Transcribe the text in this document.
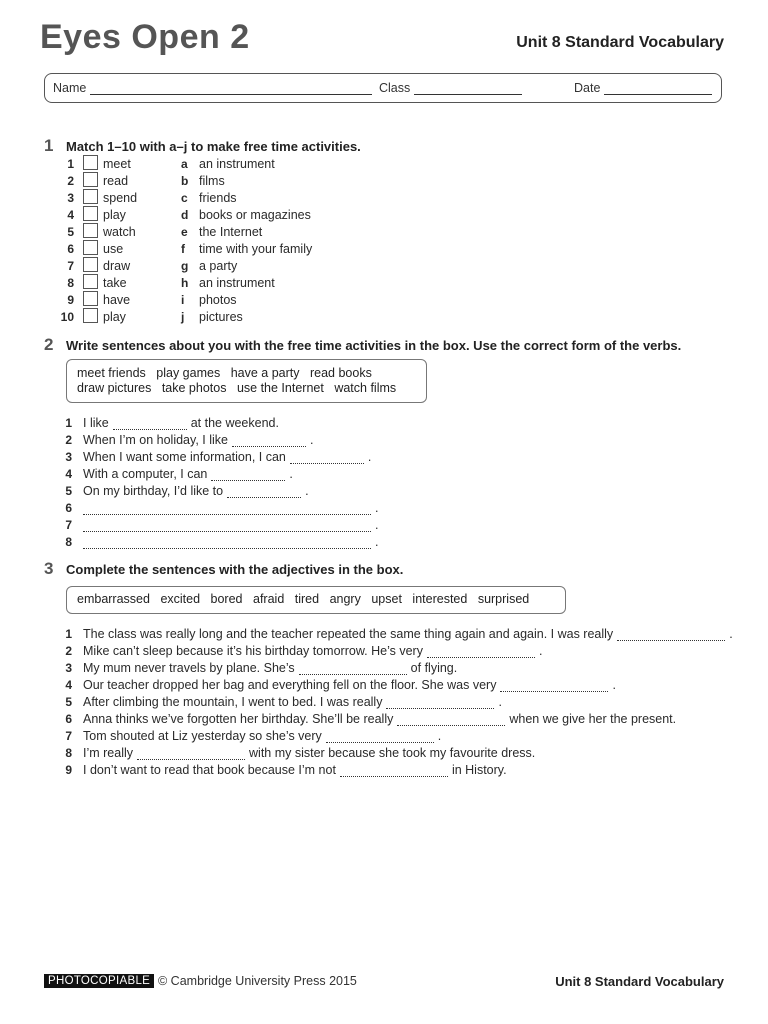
Eyes Open 2	Unit 8 Standard Vocabulary
Name	Class	Date
1 Match 1–10 with a–j to make free time activities.
1 meet	a an instrument
2 read	b films
3 spend	c friends
4 play	d books or magazines
5 watch	e the Internet
6 use	f time with your family
7 draw	g a party
8 take	h an instrument
9 have	i photos
10 play	j pictures
2 Write sentences about you with the free time activities in the box. Use the correct form of the verbs.
meet friends play games have a party read books
draw pictures take photos use the Internet watch films
1 I like	at the weekend.
2 When I’m on holiday, I like	.
3 When I want some information, I can	.
4 With a computer, I can	.
5 On my birthday, I’d like to	.
6	.
7	.
8	.
3 Complete the sentences with the adjectives in the box.
embarrassed excited bored afraid tired angry upset interested surprised
1 The class was really long and the teacher repeated the same thing again and again. I was really	.
2 Mike can’t sleep because it’s his birthday tomorrow. He’s very	.
3 My mum never travels by plane. She’s	of flying.
4 Our teacher dropped her bag and everything fell on the floor. She was very	.
5 After climbing the mountain, I went to bed. I was really	.
6 Anna thinks we’ve forgotten her birthday. She’ll be really	when we give her the present.
7 Tom shouted at Liz yesterday so she’s very	.
8 I’m really	with my sister because she took my favourite dress.
9 I don’t want to read that book because I’m not	in History.
PHOTOCOPIABLE © Cambridge University Press 2015	Unit 8 Standard Vocabulary
